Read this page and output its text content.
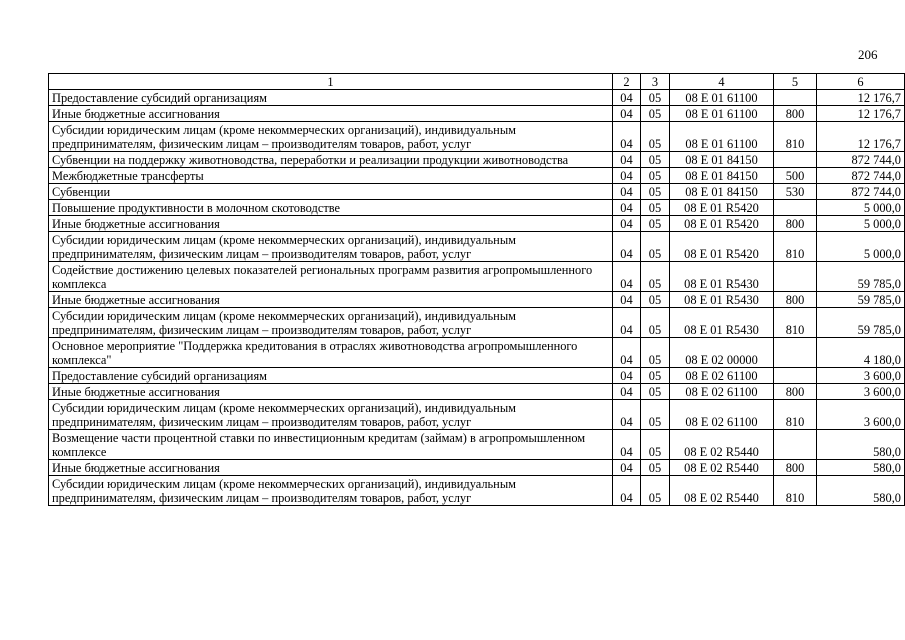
206
1	2	3	4	5	6
Предоставление субсидий организациям	04	05	08 Е 01 61100		12 176,7
Иные бюджетные ассигнования	04	05	08 Е 01 61100	800	12 176,7
Субсидии юридическим лицам (кроме некоммерческих организаций), индивидуальным предпринимателям, физическим лицам – производителям товаров, работ, услуг	04	05	08 Е 01 61100	810	12 176,7
Субвенции на поддержку животноводства, переработки и реализации продукции животноводства	04	05	08 Е 01 84150		872 744,0
Межбюджетные трансферты	04	05	08 Е 01 84150	500	872 744,0
Субвенции	04	05	08 Е 01 84150	530	872 744,0
Повышение продуктивности в молочном скотоводстве	04	05	08 Е 01 R5420		5 000,0
Иные бюджетные ассигнования	04	05	08 Е 01 R5420	800	5 000,0
Субсидии юридическим лицам (кроме некоммерческих организаций), индивидуальным предпринимателям, физическим лицам – производителям товаров, работ, услуг	04	05	08 Е 01 R5420	810	5 000,0
Содействие достижению целевых показателей региональных программ развития агропромышленного комплекса	04	05	08 Е 01 R5430		59 785,0
Иные бюджетные ассигнования	04	05	08 Е 01 R5430	800	59 785,0
Субсидии юридическим лицам (кроме некоммерческих организаций), индивидуальным предпринимателям, физическим лицам – производителям товаров, работ, услуг	04	05	08 Е 01 R5430	810	59 785,0
Основное мероприятие "Поддержка кредитования в отраслях животноводства агропромышленного комплекса"	04	05	08 Е 02 00000		4 180,0
Предоставление субсидий организациям	04	05	08 Е 02 61100		3 600,0
Иные бюджетные ассигнования	04	05	08 Е 02 61100	800	3 600,0
Субсидии юридическим лицам (кроме некоммерческих организаций), индивидуальным предпринимателям, физическим лицам – производителям товаров, работ, услуг	04	05	08 Е 02 61100	810	3 600,0
Возмещение части процентной ставки по инвестиционным кредитам (займам) в агропромышленном комплексе	04	05	08 Е 02 R5440		580,0
Иные бюджетные ассигнования	04	05	08 Е 02 R5440	800	580,0
Субсидии юридическим лицам (кроме некоммерческих организаций), индивидуальным предпринимателям, физическим лицам – производителям товаров, работ, услуг	04	05	08 Е 02 R5440	810	580,0
